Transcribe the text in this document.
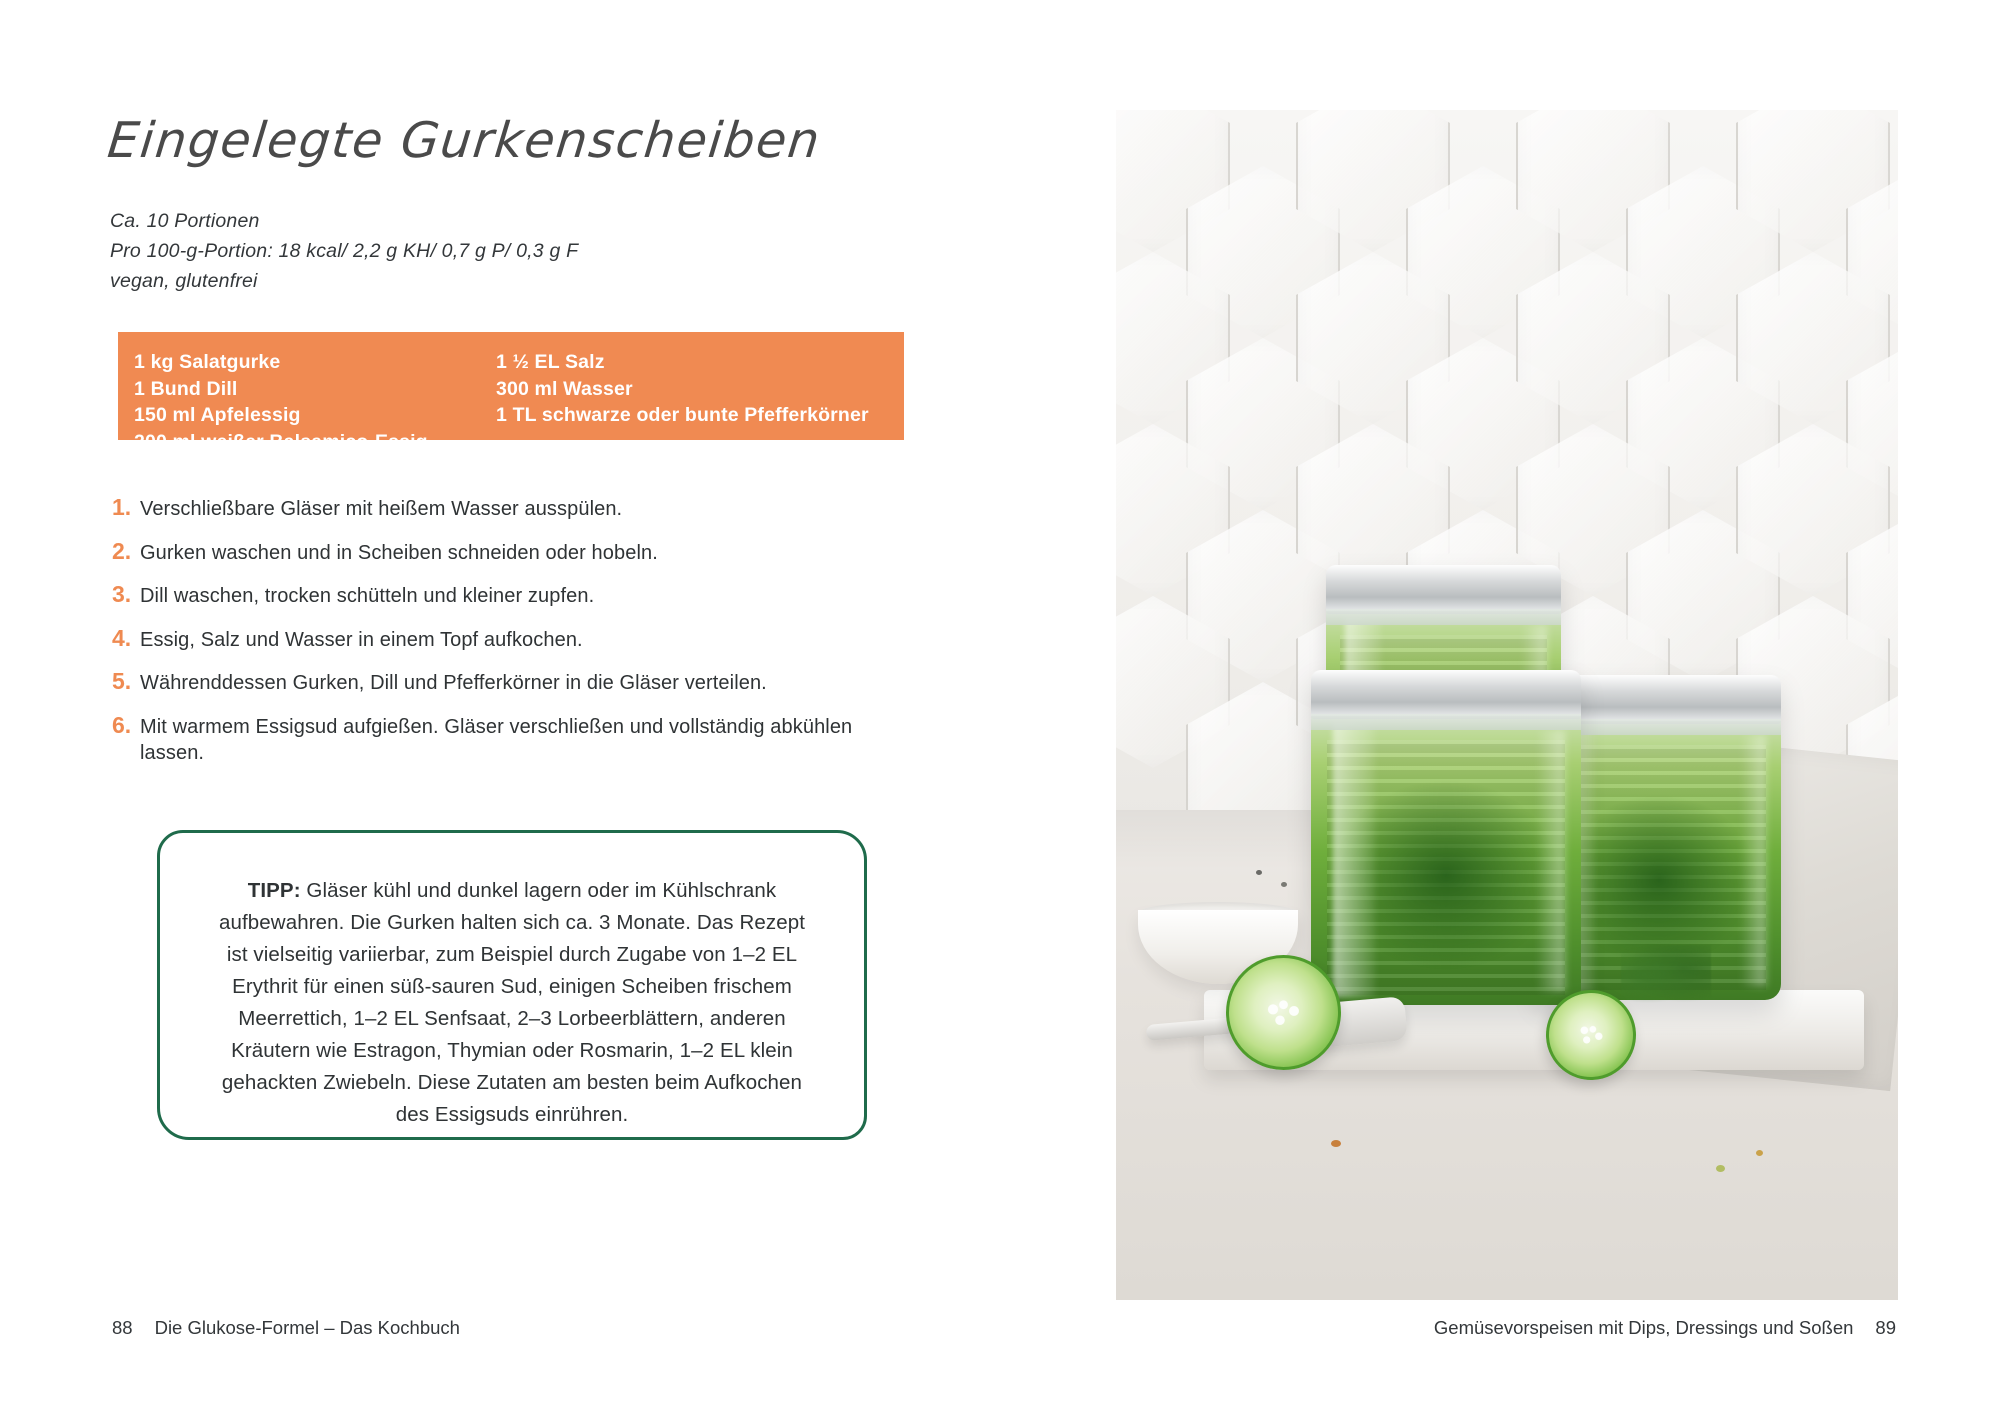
Eingelegte Gurkenscheiben
Ca. 10 Portionen
Pro 100-g-Portion: 18 kcal/ 2,2 g KH/ 0,7 g P/ 0,3 g F
vegan, glutenfrei
1 kg Salatgurke
1 Bund Dill
150 ml Apfelessig
200 ml weißer Balsamico-Essig
1 ½ EL Salz
300 ml Wasser
1 TL schwarze oder bunte Pfefferkörner
1. Verschließbare Gläser mit heißem Wasser ausspülen.
2. Gurken waschen und in Scheiben schneiden oder hobeln.
3. Dill waschen, trocken schütteln und kleiner zupfen.
4. Essig, Salz und Wasser in einem Topf aufkochen.
5. Währenddessen Gurken, Dill und Pfefferkörner in die Gläser verteilen.
6. Mit warmem Essigsud aufgießen. Gläser verschließen und vollständig abkühlen lassen.
TIPP: Gläser kühl und dunkel lagern oder im Kühlschrank aufbewahren. Die Gurken halten sich ca. 3 Monate. Das Rezept ist vielseitig variierbar, zum Beispiel durch Zugabe von 1–2 EL Erythrit für einen süß-sauren Sud, einigen Scheiben frischem Meerrettich, 1–2 EL Senfsaat, 2–3 Lorbeerblättern, anderen Kräutern wie Estragon, Thymian oder Rosmarin, 1–2 EL klein gehackten Zwiebeln. Diese Zutaten am besten beim Aufkochen des Essigsuds einrühren.
88 Die Glukose-Formel – Das Kochbuch	Gemüsevorspeisen mit Dips, Dressings und Soßen 89
